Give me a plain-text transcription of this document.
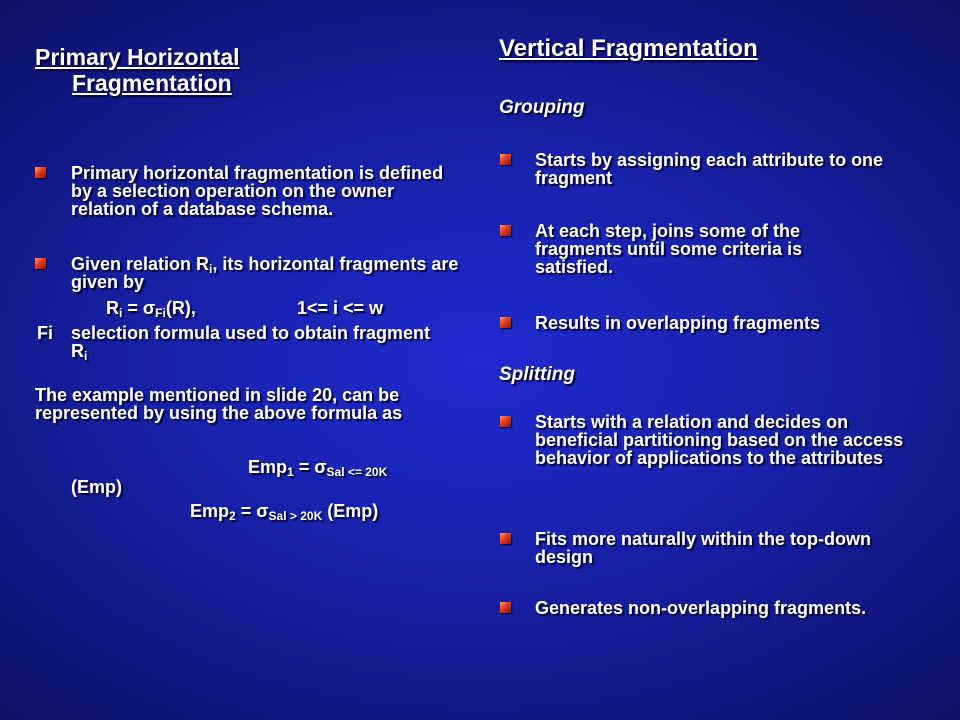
Primary Horizontal
Fragmentation
Primary horizontal fragmentation is defined by a selection operation on the owner relation of a database schema.
Given relation $R_i$, its horizontal fragments are given by
$R_i = \sigma_{Fi}(R)$,	1<= i <= w
Fi selection formula used to obtain fragment
$R_i$
The example mentioned in slide 20, can be represented by using the above formula as
$Emp_1 = \sigma_{Sal <= 20K}$
(Emp)
$Emp_2 = \sigma_{Sal > 20K}$ (Emp)
Vertical Fragmentation
Grouping
Starts by assigning each attribute to one fragment
At each step, joins some of the fragments until some criteria is satisfied.
Results in overlapping fragments
Splitting
Starts with a relation and decides on beneficial partitioning based on the access behavior of applications to the attributes
Fits more naturally within the top-down design
Generates non-overlapping fragments.
